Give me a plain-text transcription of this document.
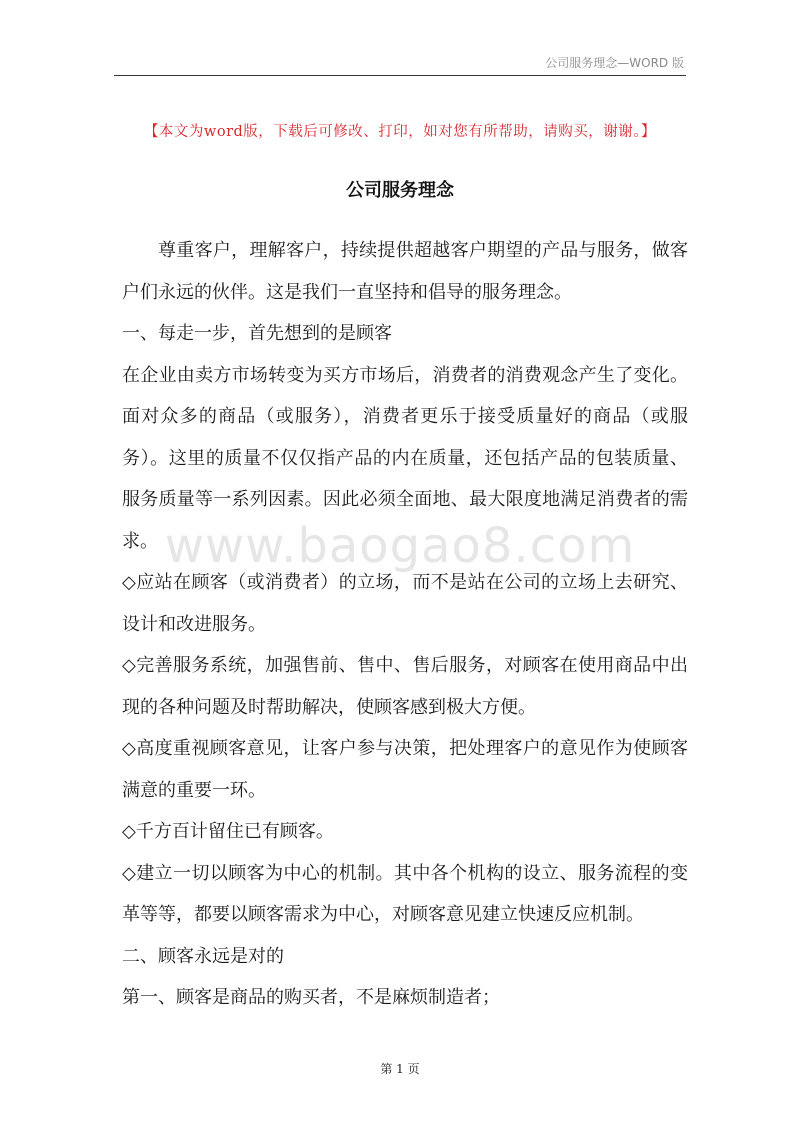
公司服务理念—WORD 版
【本文为word版，下载后可修改、打印，如对您有所帮助，请购买，谢谢。】
公司服务理念

尊重客户，理解客户，持续提供超越客户期望的产品与服务，做客户们永远的伙伴。这是我们一直坚持和倡导的服务理念。

一、每走一步，首先想到的是顾客

在企业由卖方市场转变为买方市场后，消费者的消费观念产生了变化。面对众多的商品（或服务），消费者更乐于接受质量好的商品（或服务）。这里的质量不仅仅指产品的内在质量，还包括产品的包装质量、服务质量等一系列因素。因此必须全面地、最大限度地满足消费者的需求。

◇应站在顾客（或消费者）的立场，而不是站在公司的立场上去研究、设计和改进服务。

◇完善服务系统，加强售前、售中、售后服务，对顾客在使用商品中出现的各种问题及时帮助解决，使顾客感到极大方便。

◇高度重视顾客意见，让客户参与决策，把处理客户的意见作为使顾客满意的重要一环。

◇千方百计留住已有顾客。

◇建立一切以顾客为中心的机制。其中各个机构的设立、服务流程的变革等等，都要以顾客需求为中心，对顾客意见建立快速反应机制。

二、顾客永远是对的

第一、顾客是商品的购买者，不是麻烦制造者；

www.baogao8.com
第 1 页
